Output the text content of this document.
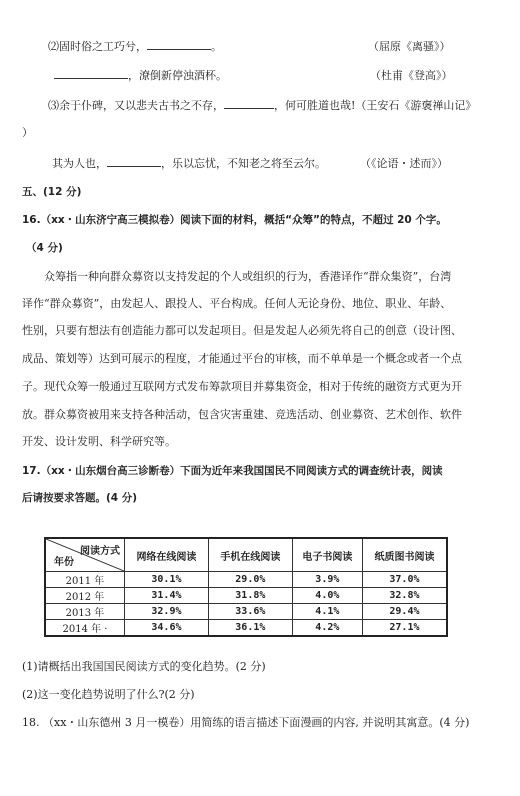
⑵固时俗之工巧兮，	。	（屈原《离骚》）
，潦倒新停浊酒杯。	（杜甫《登高》）
⑶余于仆碑，又以悲夫古书之不存，	，何可胜道也哉!（王安石《游褒禅山记》
）
其为人也，	，乐以忘忧，不知老之将至云尔。	（《论语・述而》）
五、(12 分)
16.（xx・山东济宁高三模拟卷）阅读下面的材料，概括“众筹”的特点，不超过 20 个字。
（4 分)
众筹指一种向群众募资以支持发起的个人或组织的行为，香港译作“群众集资”，台湾
译作“群众募资”，由发起人、跟投人、平台构成。任何人无论身份、地位、职业、年龄、
性别，只要有想法有创造能力都可以发起项目。但是发起人必须先将自己的创意（设计图、
成品、策划等）达到可展示的程度，才能通过平台的审核，而不单单是一个概念或者一个点
子。现代众筹一般通过互联网方式发布筹款项目并募集资金，相对于传统的融资方式更为开
放。群众募资被用来支持各种活动，包含灾害重建、竞选活动、创业募资、艺术创作、软件
开发、设计发明、科学研究等。
17.（xx・山东烟台高三诊断卷）下面为近年来我国国民不同阅读方式的调查统计表，阅读
后请按要求答题。(4 分)
阅读方式
年份	网络在线阅读	手机在线阅读	电子书阅读	纸质图书阅读
2011 年	30.1%	29.0%	3.9%	37.0%
2012 年	31.4%	31.8%	4.0%	32.8%
2013 年	32.9%	33.6%	4.1%	29.4%
2014 年 ·	34.6%	36.1%	4.2%	27.1%
(1)请概括出我国国民阅读方式的变化趋势。(2 分)
(2)这一变化趋势说明了什么?(2 分)
18. （xx・山东德州 3 月一模卷）用简练的语言描述下面漫画的内容, 并说明其寓意。(4 分)
